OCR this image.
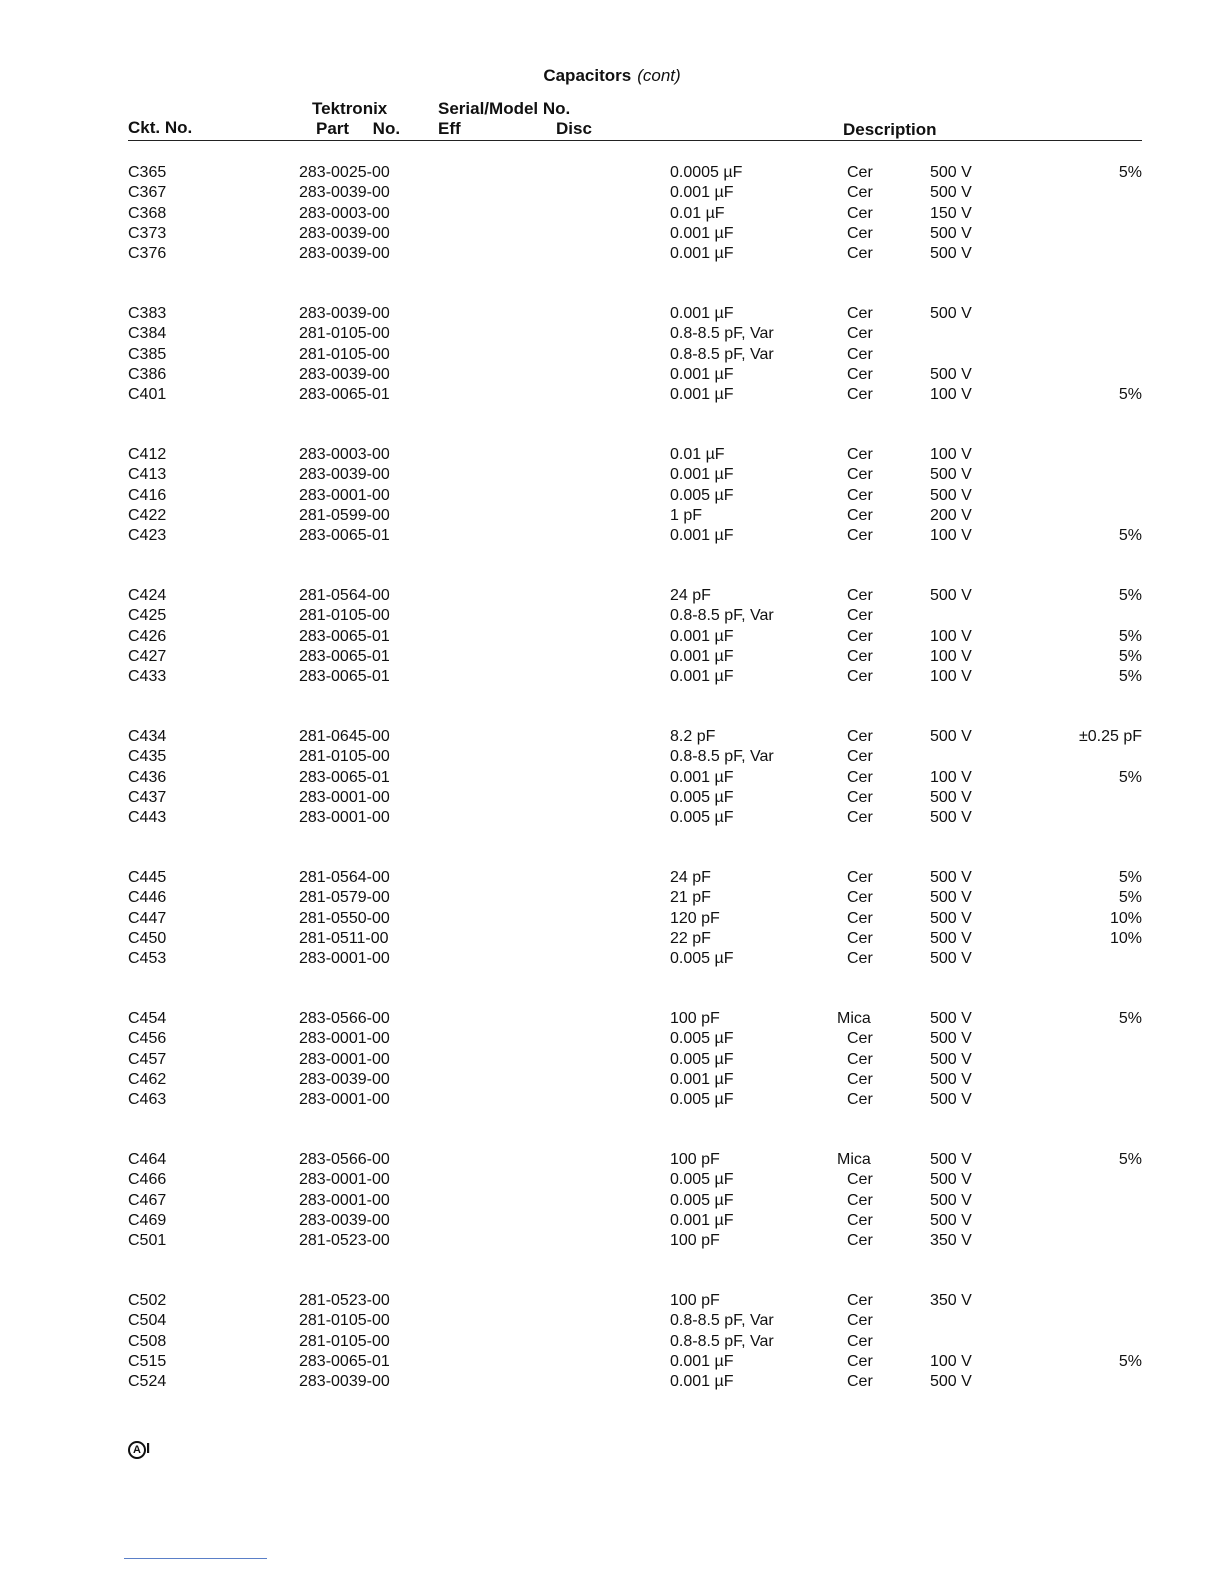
Capacitors (cont)
Ckt. No.
Tektronix
Part     No.
Serial/Model No.
Eff	Disc	Description
C365	283-0025-00	0.0005 µF	Cer	500 V	5%
C367	283-0039-00	0.001 µF	Cer	500 V
C368	283-0003-00	0.01 µF	Cer	150 V
C373	283-0039-00	0.001 µF	Cer	500 V
C376	283-0039-00	0.001 µF	Cer	500 V
C383	283-0039-00	0.001 µF	Cer	500 V
C384	281-0105-00	0.8-8.5 pF, Var	Cer
C385	281-0105-00	0.8-8.5 pF, Var	Cer
C386	283-0039-00	0.001 µF	Cer	500 V
C401	283-0065-01	0.001 µF	Cer	100 V	5%
C412	283-0003-00	0.01 µF	Cer	100 V
C413	283-0039-00	0.001 µF	Cer	500 V
C416	283-0001-00	0.005 µF	Cer	500 V
C422	281-0599-00	1 pF	Cer	200 V
C423	283-0065-01	0.001 µF	Cer	100 V	5%
C424	281-0564-00	24 pF	Cer	500 V	5%
C425	281-0105-00	0.8-8.5 pF, Var	Cer
C426	283-0065-01	0.001 µF	Cer	100 V	5%
C427	283-0065-01	0.001 µF	Cer	100 V	5%
C433	283-0065-01	0.001 µF	Cer	100 V	5%
C434	281-0645-00	8.2 pF	Cer	500 V	±0.25 pF
C435	281-0105-00	0.8-8.5 pF, Var	Cer
C436	283-0065-01	0.001 µF	Cer	100 V	5%
C437	283-0001-00	0.005 µF	Cer	500 V
C443	283-0001-00	0.005 µF	Cer	500 V
C445	281-0564-00	24 pF	Cer	500 V	5%
C446	281-0579-00	21 pF	Cer	500 V	5%
C447	281-0550-00	120 pF	Cer	500 V	10%
C450	281-0511-00	22 pF	Cer	500 V	10%
C453	283-0001-00	0.005 µF	Cer	500 V
C454	283-0566-00	100 pF	Mica	500 V	5%
C456	283-0001-00	0.005 µF	Cer	500 V
C457	283-0001-00	0.005 µF	Cer	500 V
C462	283-0039-00	0.001 µF	Cer	500 V
C463	283-0001-00	0.005 µF	Cer	500 V
C464	283-0566-00	100 pF	Mica	500 V	5%
C466	283-0001-00	0.005 µF	Cer	500 V
C467	283-0001-00	0.005 µF	Cer	500 V
C469	283-0039-00	0.001 µF	Cer	500 V
C501	281-0523-00	100 pF	Cer	350 V
C502	281-0523-00	100 pF	Cer	350 V
C504	281-0105-00	0.8-8.5 pF, Var	Cer
C508	281-0105-00	0.8-8.5 pF, Var	Cer
C515	283-0065-01	0.001 µF	Cer	100 V	5%
C524	283-0039-00	0.001 µF	Cer	500 V
A I
